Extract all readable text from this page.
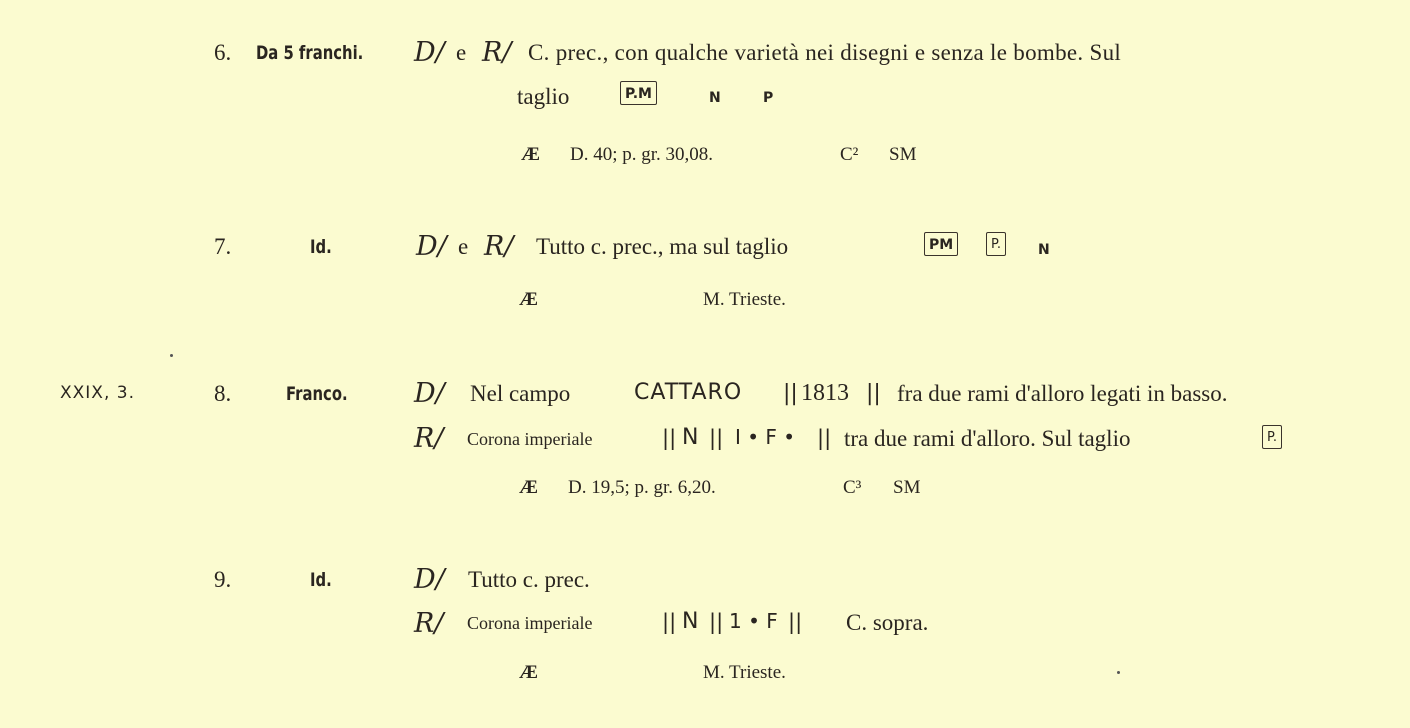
6. Da 5 franchi. D/ e R/ C. prec., con qualche varietà nei disegni e senza le bombe. Sul
taglio	P.M	N	P
Æ D. 40; p. gr. 30,08.	C² SM
7.	Id.	D/ e R/ Tutto c. prec., ma sul taglio	PM	P.	N
Æ	M. Trieste.
XXIX, 3.	8.	Franco. D/ Nel campo	CATTARO || 1813 || fra due rami d'alloro legati in basso.
R/ Corona imperiale	|| N || I • F • || tra due rami d'alloro. Sul taglio	P.
Æ D. 19,5; p. gr. 6,20.	C³ SM
9.	Id.	D/ Tutto c. prec.
R/ Corona imperiale	|| N || 1 • F || C. sopra.
Æ	M. Trieste.
